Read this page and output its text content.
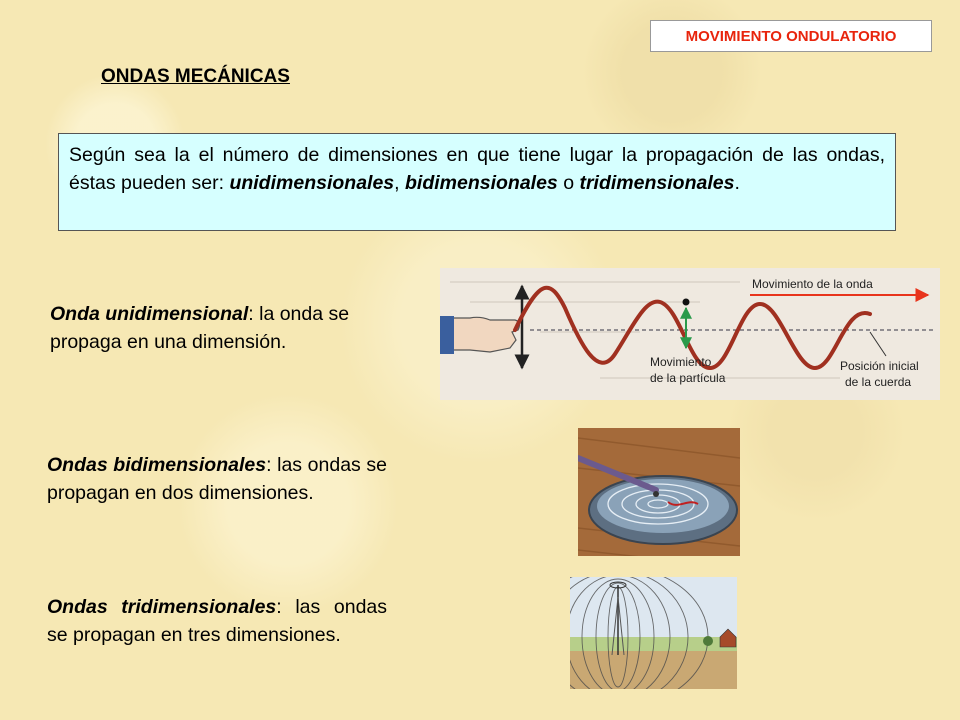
MOVIMIENTO ONDULATORIO
ONDAS MECÁNICAS
Según sea la el número de dimensiones en que tiene lugar la propagación de las ondas, éstas pueden ser: unidimensionales, bidimensionales o tridimensionales.
Onda unidimensional: la onda se propaga en una dimensión.
Ondas bidimensionales: las ondas se propagan en dos dimensiones.
Ondas tridimensionales: las ondas se propagan en tres dimensiones.
Movimiento de la onda
Movimiento
de la partícula
Posición inicial
de la cuerda
